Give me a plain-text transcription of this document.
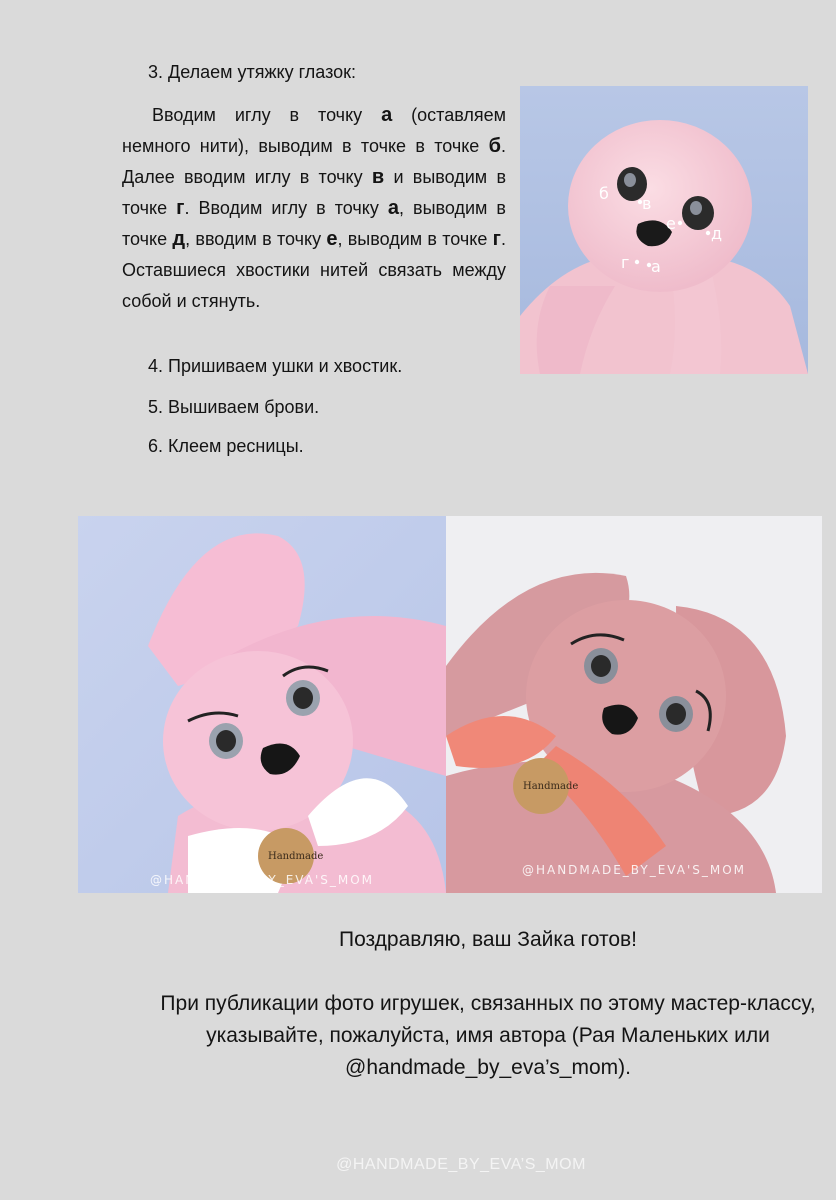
3. Делаем утяжку глазок:
Вводим иглу в точку а (оставляем немного нити), выводим в точке в точке б. Далее вводим иглу в точку в и выводим в точке г. Вводим иглу в точку а, выводим в точке д, вводим в точку е, выводим в точке г. Оставшиеся хвостики нитей связать между собой и стянуть.
4. Пришиваем ушки и хвостик.
5. Вышиваем брови.
6. Клеем ресницы.
б
в
е
д
г а
Handmade
@HANDMADE_BY_EVA'S_MOM
Handmade
@HANDMADE_BY_EVA'S_MOM
Поздравляю, ваш Зайка готов!
При публикации фото игрушек, связанных по этому мастер-классу, указывайте, пожалуйста, имя автора (Рая Маленьких или @handmade_by_eva’s_mom).
@HANDMADE_BY_EVA’S_MOM
